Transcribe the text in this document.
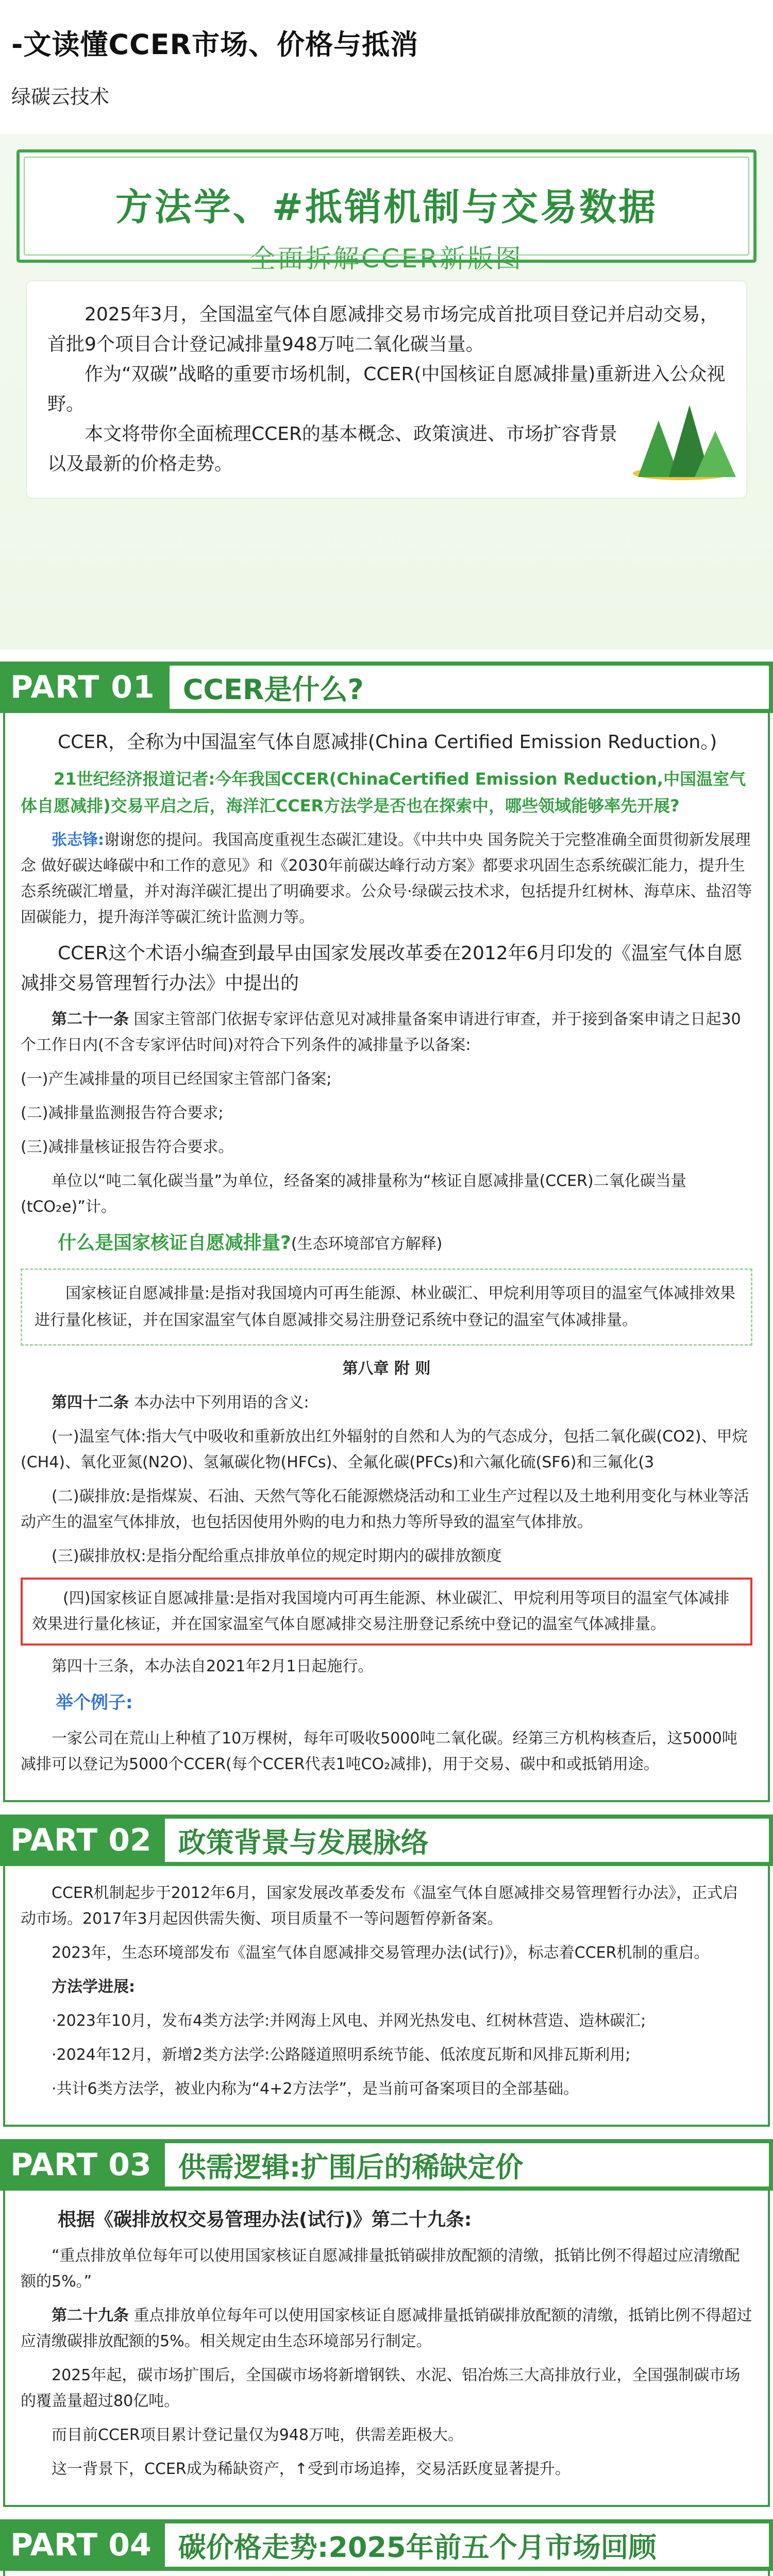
-文读懂CCER市场、价格与抵消
绿碳云技术
方法学、#抵销机制与交易数据
全面拆解CCER新版图

2025年3月，全国温室气体自愿减排交易市场完成首批项目登记并启动交易，首批9个项目合计登记减排量948万吨二氧化碳当量。

作为“双碳”战略的重要市场机制，CCER(中国核证自愿减排量)重新进入公众视野。

本文将带你全面梳理CCER的基本概念、政策演进、市场扩容背景以及最新的价格走势。

PART 01	CCER是什么?

CCER，全称为中国温室气体自愿减排(China Certified Emission Reduction。)

21世纪经济报道记者:今年我国CCER(ChinaCertified Emission Reduction,中国温室气体自愿减排)交易平启之后，海洋汇CCER方法学是否也在探索中，哪些领域能够率先开展?

张志锋:谢谢您的提问。我国高度重视生态碳汇建设。《中共中央 国务院关于完整准确全面贯彻新发展理念 做好碳达峰碳中和工作的意见》和《2030年前碳达峰行动方案》都要求巩固生态系统碳汇能力，提升生态系统碳汇增量，并对海洋碳汇提出了明确要求。公众号·绿碳云技术求，包括提升红树林、海草床、盐沼等固碳能力，提升海洋等碳汇统计监测力等。

CCER这个术语小编查到最早由国家发展改革委在2012年6月印发的《温室气体自愿减排交易管理暂行办法》中提出的

第二十一条 国家主管部门依据专家评估意见对减排量备案申请进行审查，并于接到备案申请之日起30个工作日内(不含专家评估时间)对符合下列条件的减排量予以备案:

(一)产生减排量的项目已经国家主管部门备案;

(二)减排量监测报告符合要求;

(三)减排量核证报告符合要求。

单位以“吨二氧化碳当量”为单位，经备案的减排量称为“核证自愿减排量(CCER)二氧化碳当量(tCO₂e)”计。

什么是国家核证自愿减排量?(生态环境部官方解释)

国家核证自愿减排量:是指对我国境内可再生能源、林业碳汇、甲烷利用等项目的温室气体减排效果进行量化核证，并在国家温室气体自愿减排交易注册登记系统中登记的温室气体减排量。

第八章 附 则

第四十二条 本办法中下列用语的含义:

(一)温室气体:指大气中吸收和重新放出红外辐射的自然和人为的气态成分，包括二氧化碳(CO2)、甲烷(CH4)、氧化亚氮(N2O)、氢氟碳化物(HFCs)、全氟化碳(PFCs)和六氟化硫(SF6)和三氟化(3

(二)碳排放:是指煤炭、石油、天然气等化石能源燃烧活动和工业生产过程以及土地利用变化与林业等活动产生的温室气体排放，也包括因使用外购的电力和热力等所导致的温室气体排放。

(三)碳排放权:是指分配给重点排放单位的规定时期内的碳排放额度

(四)国家核证自愿减排量:是指对我国境内可再生能源、林业碳汇、甲烷利用等项目的温室气体减排效果进行量化核证，并在国家温室气体自愿减排交易注册登记系统中登记的温室气体减排量。

第四十三条，本办法自2021年2月1日起施行。

举个例子:

一家公司在荒山上种植了10万棵树，每年可吸收5000吨二氧化碳。经第三方机构核查后，这5000吨减排可以登记为5000个CCER(每个CCER代表1吨CO₂减排)，用于交易、碳中和或抵销用途。

PART 02 政策背景与发展脉络

CCER机制起步于2012年6月，国家发展改革委发布《温室气体自愿减排交易管理暂行办法》，正式启动市场。2017年3月起因供需失衡、项目质量不一等问题暂停新备案。

2023年，生态环境部发布《温室气体自愿减排交易管理办法(试行)》，标志着CCER机制的重启。

方法学进展:

·2023年10月，发布4类方法学:并网海上风电、并网光热发电、红树林营造、造林碳汇;

·2024年12月，新增2类方法学:公路隧道照明系统节能、低浓度瓦斯和风排瓦斯利用;

·共计6类方法学，被业内称为“4+2方法学”，是当前可备案项目的全部基础。

PART 03 供需逻辑:扩围后的稀缺定价

根据《碳排放权交易管理办法(试行)》第二十九条:

“重点排放单位每年可以使用国家核证自愿减排量抵销碳排放配额的清缴，抵销比例不得超过应清缴配额的5%。”

第二十九条 重点排放单位每年可以使用国家核证自愿减排量抵销碳排放配额的清缴，抵销比例不得超过应清缴碳排放配额的5%。相关规定由生态环境部另行制定。

2025年起，碳市场扩围后，全国碳市场将新增钢铁、水泥、铝冶炼三大高排放行业，全国强制碳市场的覆盖量超过80亿吨。

而目前CCER项目累计登记量仅为948万吨，供需差距极大。

这一背景下，CCER成为稀缺资产，↑受到市场追捧，交易活跃度显著提升。

PART 04 碳价格走势:2025年前五个月市场回顾
